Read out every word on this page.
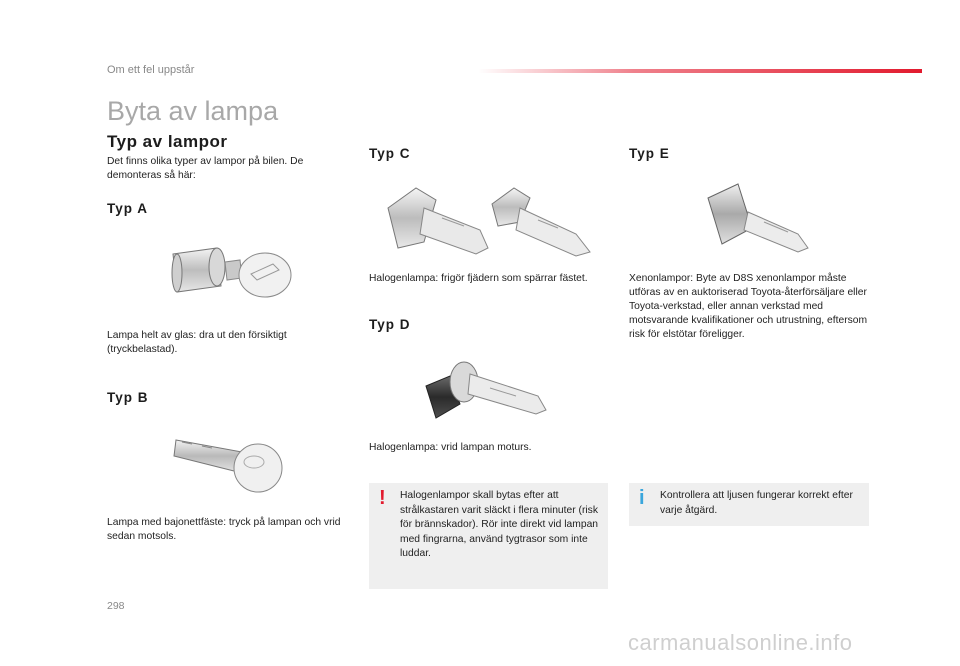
Om ett fel uppstår
Byta av lampa
Typ av lampor

Det finns olika typer av lampor på bilen. De demonteras så här:

Typ A

Lampa helt av glas: dra ut den försiktigt (tryckbelastad).

Typ B

Lampa med bajonettfäste: tryck på lampan och vrid sedan motsols.

Typ C

Halogenlampa: frigör fjädern som spärrar fästet.

Typ D

Halogenlampa: vrid lampan moturs.

! Halogenlampor skall bytas efter att strålkastaren varit släckt i flera minuter (risk för brännskador). Rör inte direkt vid lampan med fingrarna, använd tygtrasor som inte luddar.

Typ E

Xenonlampor: Byte av D8S xenonlampor måste utföras av en auktoriserad Toyota-återförsäljare eller Toyota-verkstad, eller annan verkstad med motsvarande kvalifikationer och utrustning, eftersom risk för elstötar föreligger.

i Kontrollera att ljusen fungerar korrekt efter varje åtgärd.

298
carmanualsonline.info
